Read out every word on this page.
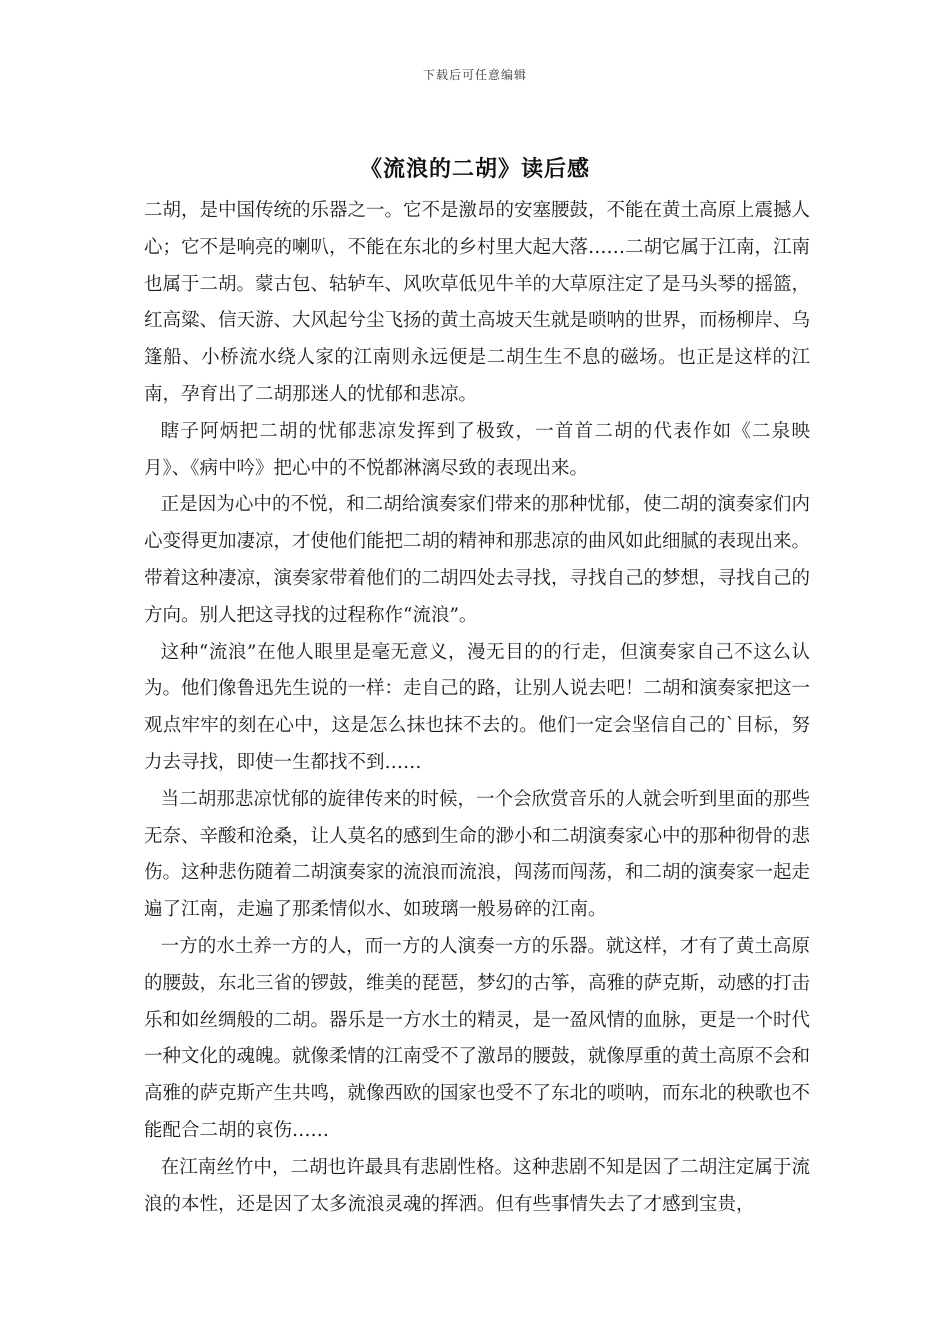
下载后可任意编辑
《流浪的二胡》读后感

二胡，是中国传统的乐器之一。它不是激昂的安塞腰鼓，不能在黄土高原上震撼人心；它不是响亮的喇叭，不能在东北的乡村里大起大落……二胡它属于江南，江南也属于二胡。蒙古包、轱轳车、风吹草低见牛羊的大草原注定了是马头琴的摇篮，红高粱、信天游、大风起兮尘飞扬的黄土高坡天生就是唢呐的世界，而杨柳岸、乌篷船、小桥流水绕人家的江南则永远便是二胡生生不息的磁场。也正是这样的江南，孕育出了二胡那迷人的忧郁和悲凉。

瞎子阿炳把二胡的忧郁悲凉发挥到了极致，一首首二胡的代表作如《二泉映月》、《病中吟》把心中的不悦都淋漓尽致的表现出来。

正是因为心中的不悦，和二胡给演奏家们带来的那种忧郁，使二胡的演奏家们内心变得更加凄凉，才使他们能把二胡的精神和那悲凉的曲风如此细腻的表现出来。带着这种凄凉，演奏家带着他们的二胡四处去寻找，寻找自己的梦想，寻找自己的方向。别人把这寻找的过程称作“流浪”。

这种“流浪”在他人眼里是毫无意义，漫无目的的行走，但演奏家自己不这么认为。他们像鲁迅先生说的一样：走自己的路，让别人说去吧！二胡和演奏家把这一观点牢牢的刻在心中，这是怎么抹也抹不去的。他们一定会坚信自己的`目标，努力去寻找，即使一生都找不到……

当二胡那悲凉忧郁的旋律传来的时候，一个会欣赏音乐的人就会听到里面的那些无奈、辛酸和沧桑，让人莫名的感到生命的渺小和二胡演奏家心中的那种彻骨的悲伤。这种悲伤随着二胡演奏家的流浪而流浪，闯荡而闯荡，和二胡的演奏家一起走遍了江南，走遍了那柔情似水、如玻璃一般易碎的江南。

一方的水土养一方的人，而一方的人演奏一方的乐器。就这样，才有了黄土高原的腰鼓，东北三省的锣鼓，维美的琵琶，梦幻的古筝，高雅的萨克斯，动感的打击乐和如丝绸般的二胡。器乐是一方水土的精灵，是一盈风情的血脉，更是一个时代一种文化的魂魄。就像柔情的江南受不了激昂的腰鼓，就像厚重的黄土高原不会和高雅的萨克斯产生共鸣，就像西欧的国家也受不了东北的唢呐，而东北的秧歌也不能配合二胡的哀伤……

在江南丝竹中，二胡也许最具有悲剧性格。这种悲剧不知是因了二胡注定属于流浪的本性，还是因了太多流浪灵魂的挥洒。但有些事情失去了才感到宝贵，
